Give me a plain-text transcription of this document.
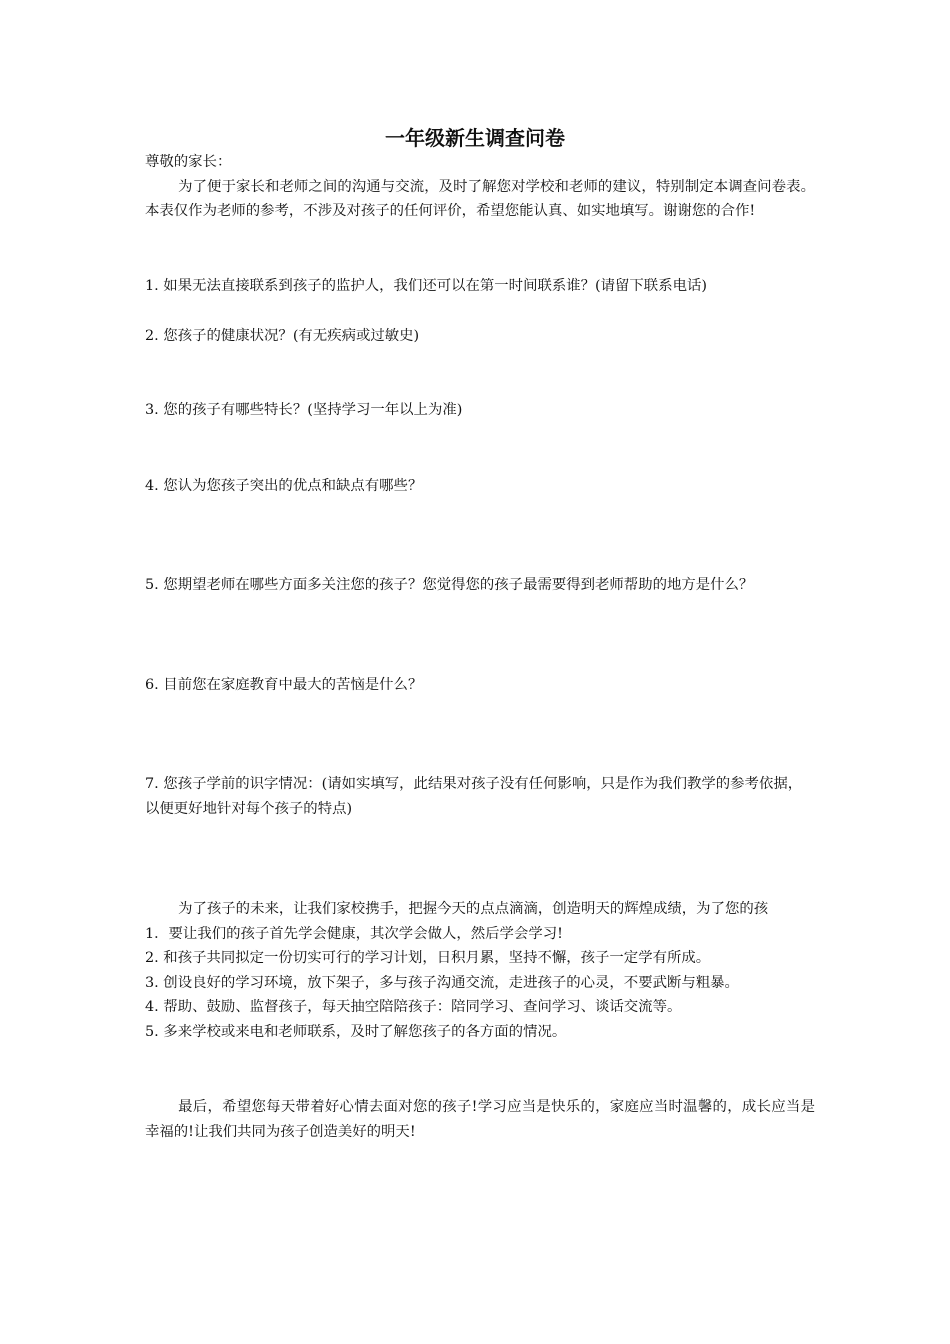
一年级新生调查问卷
尊敬的家长：
为了便于家长和老师之间的沟通与交流，及时了解您对学校和老师的建议，特别制定本调查问卷表。本表仅作为老师的参考，不涉及对孩子的任何评价，希望您能认真、如实地填写。谢谢您的合作!
1. 如果无法直接联系到孩子的监护人，我们还可以在第一时间联系谁？(请留下联系电话)
2. 您孩子的健康状况？(有无疾病或过敏史)
3. 您的孩子有哪些特长？(坚持学习一年以上为准)
4. 您认为您孩子突出的优点和缺点有哪些？
5. 您期望老师在哪些方面多关注您的孩子？您觉得您的孩子最需要得到老师帮助的地方是什么？
6. 目前您在家庭教育中最大的苦恼是什么？
7. 您孩子学前的识字情况：(请如实填写，此结果对孩子没有任何影响，只是作为我们教学的参考依据，以便更好地针对每个孩子的特点)
为了孩子的未来，让我们家校携手，把握今天的点点滴滴，创造明天的辉煌成绩，为了您的孩
1．要让我们的孩子首先学会健康，其次学会做人，然后学会学习!
2. 和孩子共同拟定一份切实可行的学习计划，日积月累，坚持不懈，孩子一定学有所成。
3. 创设良好的学习环境，放下架子，多与孩子沟通交流，走进孩子的心灵，不要武断与粗暴。
4. 帮助、鼓励、监督孩子，每天抽空陪陪孩子：陪同学习、查问学习、谈话交流等。
5. 多来学校或来电和老师联系，及时了解您孩子的各方面的情况。
最后，希望您每天带着好心情去面对您的孩子!学习应当是快乐的，家庭应当时温馨的，成长应当是幸福的!让我们共同为孩子创造美好的明天!
